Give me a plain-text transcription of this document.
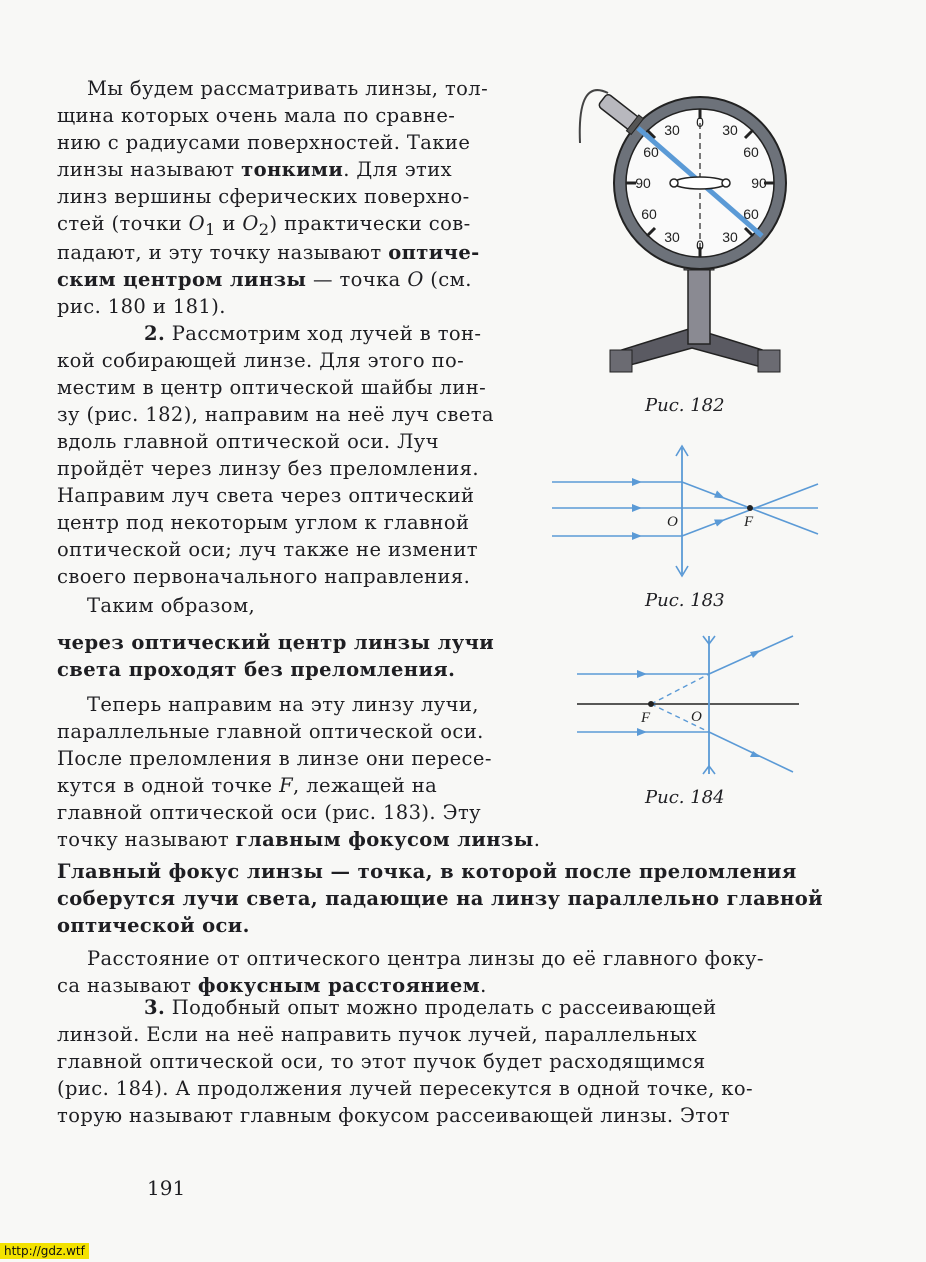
Мы будем рассматривать линзы, тол-
щина которых очень мала по сравне-
нию с радиусами поверхностей. Такие
линзы называют тонкими. Для этих
линз вершины сферических поверхно-
стей (точки $O_1$ и $O_2$) практически сов-
падают, и эту точку называют оптиче-
ским центром линзы — точка O (см.
рис. 180 и 181).
2. Рассмотрим ход лучей в тон-
кой собирающей линзе. Для этого по-
местим в центр оптической шайбы лин-
зу (рис. 182), направим на неё луч света
вдоль главной оптической оси. Луч
пройдёт через линзу без преломления.
Направим луч света через оптический
центр под некоторым углом к главной
оптической оси; луч также не изменит
своего первоначального направления.
Таким образом,
через оптический центр линзы лучи
света проходят без преломления.
Теперь направим на эту линзу лучи,
параллельные главной оптической оси.
После преломления в линзе они пересе-
кутся в одной точке F, лежащей на
главной оптической оси (рис. 183). Эту
точку называют главным фокусом линзы.
Главный фокус линзы — точка, в которой после преломления
соберутся лучи света, падающие на линзу параллельно главной
оптической оси.
Расстояние от оптического центра линзы до её главного фоку-
са называют фокусным расстоянием.
3. Подобный опыт можно проделать с рассеивающей
линзой. Если на неё направить пучок лучей, параллельных
главной оптической оси, то этот пучок будет расходящимся
(рис. 184). А продолжения лучей пересекутся в одной точке, ко-
торую называют главным фокусом рассеивающей линзы. Этот
30 0 30
60	60
90	90
60	60
30 0 30
Рис. 182
O	F
Рис. 183
F	O
Рис. 184
191
http://gdz.wtf
